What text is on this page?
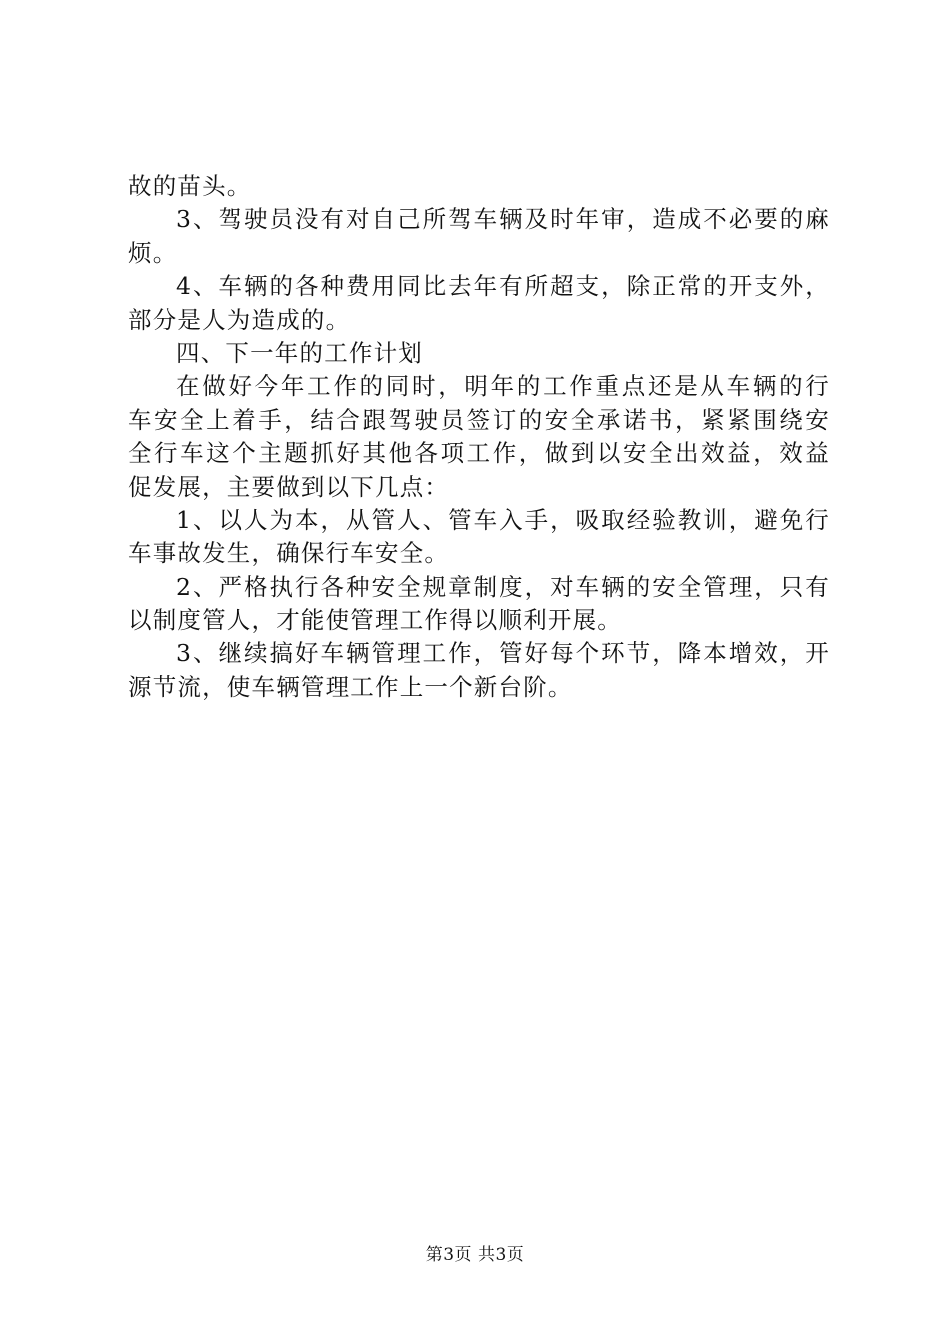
故的苗头。
3、驾驶员没有对自己所驾车辆及时年审，造成不必要的麻
烦。
4、车辆的各种费用同比去年有所超支，除正常的开支外，
部分是人为造成的。
四、下一年的工作计划
在做好今年工作的同时，明年的工作重点还是从车辆的行
车安全上着手，结合跟驾驶员签订的安全承诺书，紧紧围绕安
全行车这个主题抓好其他各项工作，做到以安全出效益，效益
促发展，主要做到以下几点：
1、以人为本，从管人、管车入手，吸取经验教训，避免行
车事故发生，确保行车安全。
2、严格执行各种安全规章制度，对车辆的安全管理，只有
以制度管人，才能使管理工作得以顺利开展。
3、继续搞好车辆管理工作，管好每个环节，降本增效，开
源节流，使车辆管理工作上一个新台阶。
第3页 共3页
